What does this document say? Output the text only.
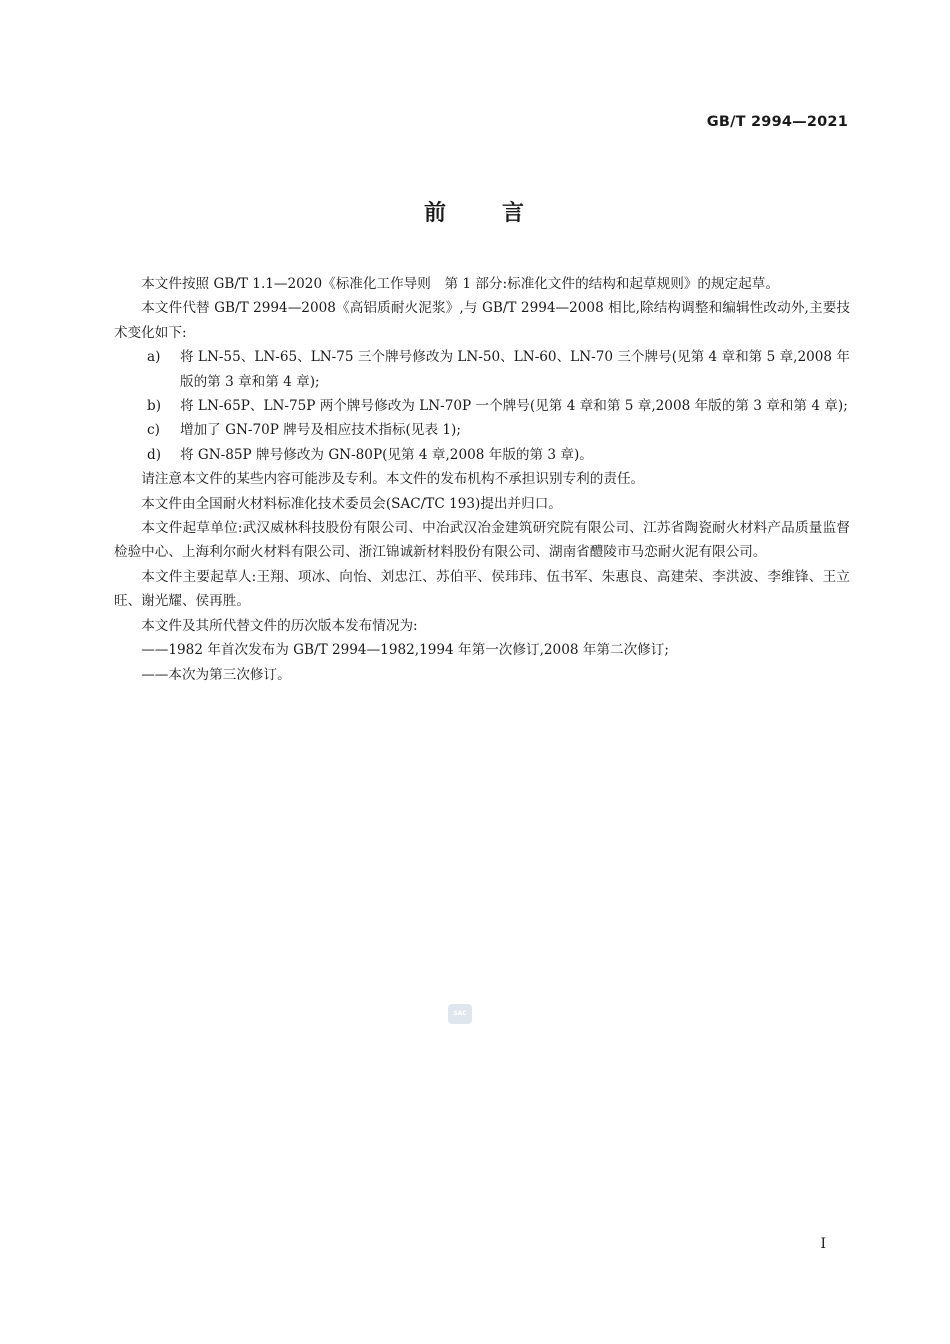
GB/T 2994—2021
前 言

本文件按照 GB/T 1.1—2020《标准化工作导则　第 1 部分:标准化文件的结构和起草规则》的规定起草。

本文件代替 GB/T 2994—2008《高铝质耐火泥浆》,与 GB/T 2994—2008 相比,除结构调整和编辑性改动外,主要技术变化如下:

a) 将 LN-55、LN-65、LN-75 三个牌号修改为 LN-50、LN-60、LN-70 三个牌号(见第 4 章和第 5 章,2008 年版的第 3 章和第 4 章);
b) 将 LN-65P、LN-75P 两个牌号修改为 LN-70P 一个牌号(见第 4 章和第 5 章,2008 年版的第 3 章和第 4 章);
c) 增加了 GN-70P 牌号及相应技术指标(见表 1);
d) 将 GN-85P 牌号修改为 GN-80P(见第 4 章,2008 年版的第 3 章)。

请注意本文件的某些内容可能涉及专利。本文件的发布机构不承担识别专利的责任。

本文件由全国耐火材料标准化技术委员会(SAC/TC 193)提出并归口。

本文件起草单位:武汉威林科技股份有限公司、中冶武汉冶金建筑研究院有限公司、江苏省陶瓷耐火材料产品质量监督检验中心、上海利尔耐火材料有限公司、浙江锦诚新材料股份有限公司、湖南省醴陵市马恋耐火泥有限公司。

本文件主要起草人:王翔、项冰、向怡、刘忠江、苏伯平、侯玮玮、伍书军、朱惠良、高建荣、李洪波、李维锋、王立旺、谢光耀、侯再胜。

本文件及其所代替文件的历次版本发布情况为:

——1982 年首次发布为 GB/T 2994—1982,1994 年第一次修订,2008 年第二次修订;

——本次为第三次修订。

SAC
I
